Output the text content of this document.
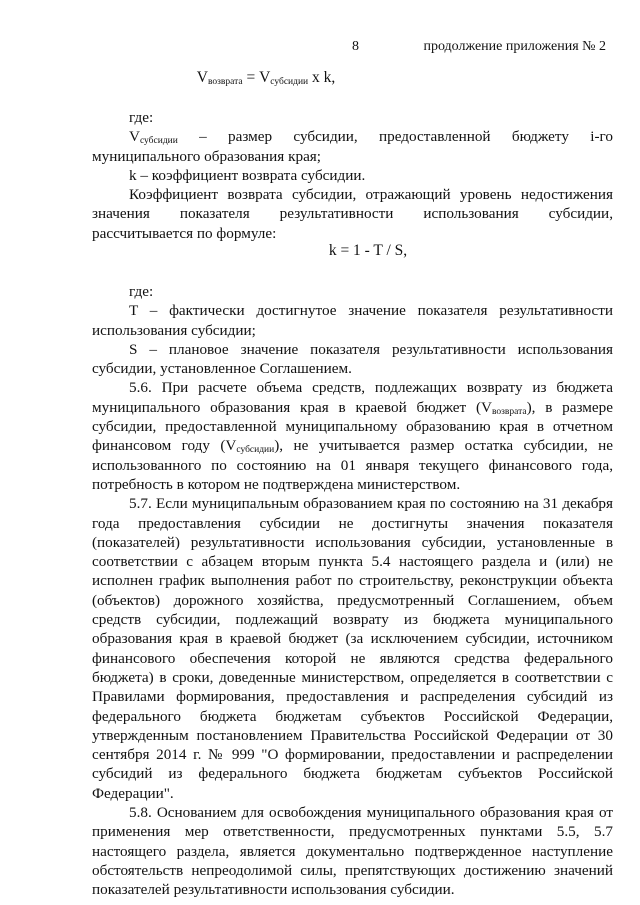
8	продолжение приложения № 2
$V_{возврата} = V_{субсидии}$ x k,

где:

$V_{субсидии}$ – размер субсидии, предоставленной бюджету i-го муниципального образования края;

k – коэффициент возврата субсидии.

Коэффициент возврата субсидии, отражающий уровень недостижения значения показателя результативности использования субсидии, рассчитывается по формуле:

k = 1 - T / S,

где:

T – фактически достигнутое значение показателя результативности использования субсидии;

S – плановое значение показателя результативности использования субсидии, установленное Соглашением.

5.6. При расчете объема средств, подлежащих возврату из бюджета муниципального образования края в краевой бюджет $(V_{возврата})$, в размере субсидии, предоставленной муниципальному образованию края в отчетном финансовом году $(V_{субсидии})$, не учитывается размер остатка субсидии, не использованного по состоянию на 01 января текущего финансового года, потребность в котором не подтверждена министерством.

5.7. Если муниципальным образованием края по состоянию на 31 декабря года предоставления субсидии не достигнуты значения показателя (показателей) результативности использования субсидии, установленные в соответствии с абзацем вторым пункта 5.4 настоящего раздела и (или) не исполнен график выполнения работ по строительству, реконструкции объекта (объектов) дорожного хозяйства, предусмотренный Соглашением, объем средств субсидии, подлежащий возврату из бюджета муниципального образования края в краевой бюджет (за исключением субсидии, источником финансового обеспечения которой не являются средства федерального бюджета) в сроки, доведенные министерством, определяется в соответствии с Правилами формирования, предоставления и распределения субсидий из федерального бюджета бюджетам субъектов Российской Федерации, утвержденным постановлением Правительства Российской Федерации от 30 сентября 2014 г. № 999 "О формировании, предоставлении и распределении субсидий из федерального бюджета бюджетам субъектов Российской Федерации".

5.8. Основанием для освобождения муниципального образования края от применения мер ответственности, предусмотренных пунктами 5.5, 5.7 настоящего раздела, является документально подтвержденное наступление обстоятельств непреодолимой силы, препятствующих достижению значений показателей результативности использования субсидии.
